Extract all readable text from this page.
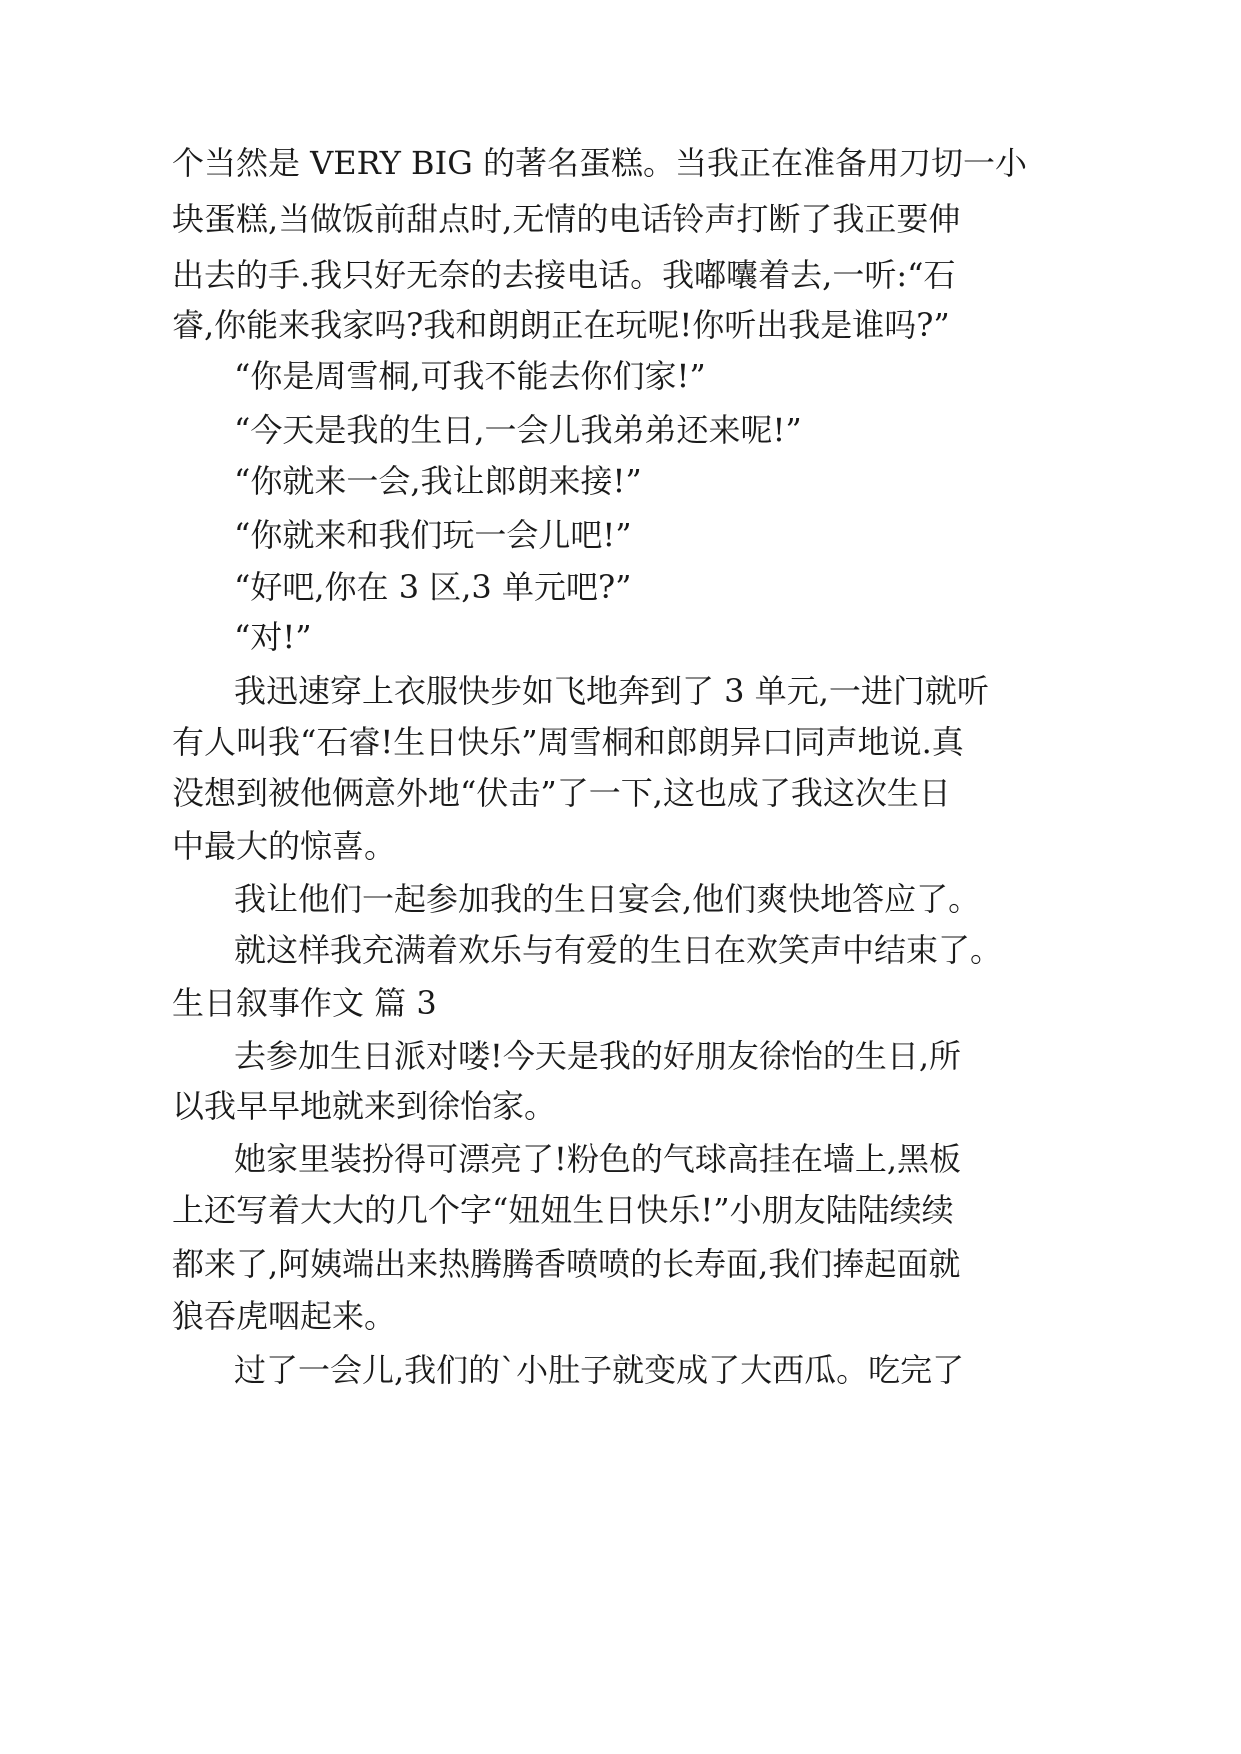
个当然是 VERY BIG 的著名蛋糕。当我正在准备用刀切一小

块蛋糕,当做饭前甜点时,无情的电话铃声打断了我正要伸

出去的手.我只好无奈的去接电话。我嘟囔着去,一听:“石

睿,你能来我家吗?我和朗朗正在玩呢!你听出我是谁吗?”

“你是周雪桐,可我不能去你们家!”

“今天是我的生日,一会儿我弟弟还来呢!”

“你就来一会,我让郎朗来接!”

“你就来和我们玩一会儿吧!”

“好吧,你在 3 区,3 单元吧?”

“对!”

我迅速穿上衣服快步如飞地奔到了 3 单元,一进门就听

有人叫我“石睿!生日快乐”周雪桐和郎朗异口同声地说.真

没想到被他俩意外地“伏击”了一下,这也成了我这次生日

中最大的惊喜。

我让他们一起参加我的生日宴会,他们爽快地答应了。

就这样我充满着欢乐与有爱的生日在欢笑声中结束了。

生日叙事作文 篇 3

去参加生日派对喽!今天是我的好朋友徐怡的生日,所

以我早早地就来到徐怡家。

她家里装扮得可漂亮了!粉色的气球高挂在墙上,黑板

上还写着大大的几个字“妞妞生日快乐!”小朋友陆陆续续

都来了,阿姨端出来热腾腾香喷喷的长寿面,我们捧起面就

狼吞虎咽起来。

过了一会儿,我们的`小肚子就变成了大西瓜。吃完了
